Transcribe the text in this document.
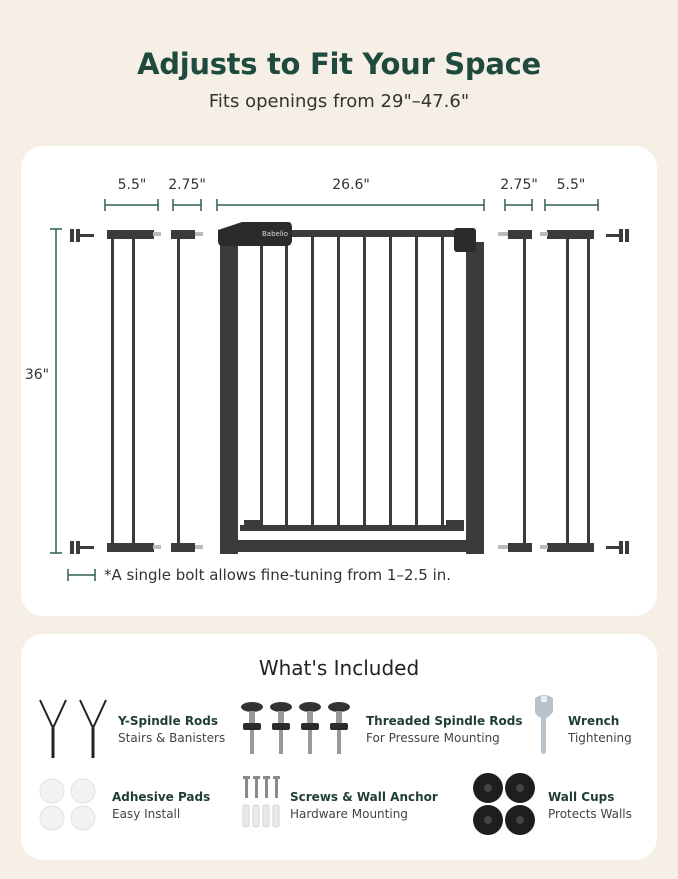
Adjusts to Fit Your Space
Fits openings from 29"–47.6"
Babelio
5.5"	2.75"	26.6"	2.75"	5.5"
36"
*A single bolt allows fine-tuning from 1–2.5 in.
What's Included
Y-Spindle Rods
Stairs & Banisters
Threaded Spindle Rods
For Pressure Mounting
Wrench
Tightening
Adhesive Pads
Easy Install
Screws & Wall Anchor
Hardware Mounting
Wall Cups
Protects Walls
